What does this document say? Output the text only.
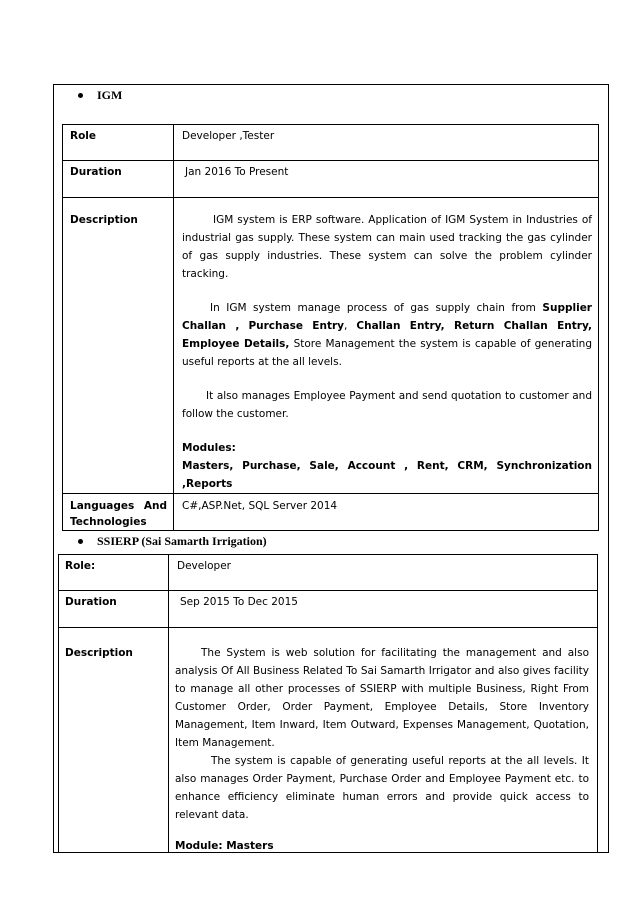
IGM
Role	Developer ,Tester
Duration	Jan 2016 To Present
Description	IGM system is ERP software. Application of IGM System in Industries of industrial gas supply. These system can main used tracking the gas cylinder of gas supply industries. These system can solve the problem cylinder tracking.

In IGM system manage process of gas supply chain from Supplier Challan , Purchase Entry, Challan Entry, Return Challan Entry, Employee Details, Store Management the system is capable of generating useful reports at the all levels.

It also manages Employee Payment and send quotation to customer and follow the customer.

Modules:

Masters, Purchase, Sale, Account , Rent, CRM, Synchronization ,Reports

Languages And
Technologies	C#,ASP.Net, SQL Server 2014
SSIERP (Sai Samarth Irrigation)
Role:	Developer
Duration	Sep 2015 To Dec 2015
Description	The System is web solution for facilitating the management and also analysis Of All Business Related To Sai Samarth Irrigator and also gives facility to manage all other processes of SSIERP with multiple Business, Right From Customer Order, Order Payment, Employee Details, Store Inventory Management, Item Inward, Item Outward, Expenses Management, Quotation, Item Management.

The system is capable of generating useful reports at the all levels. It also manages Order Payment, Purchase Order and Employee Payment etc. to enhance efficiency eliminate human errors and provide quick access to relevant data.

Module: Masters
